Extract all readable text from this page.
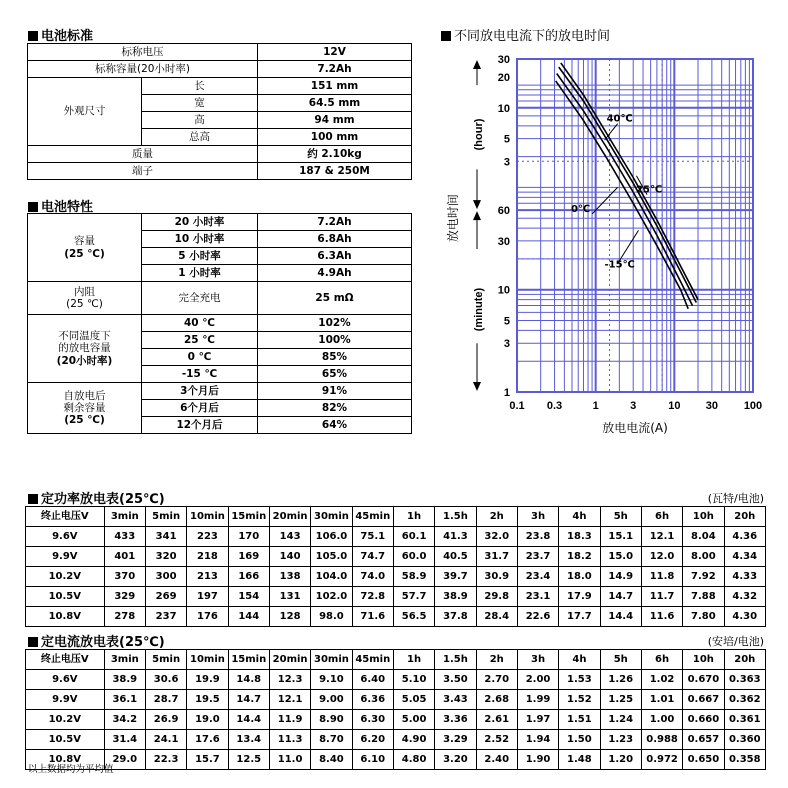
电池标准
标称电压		12V
标称容量(20小时率)		7.2Ah
外观尺寸	长	151 mm
	宽	64.5 mm
	高	94 mm
	总高	100 mm
质量		约 2.10kg
端子		187 & 250M
电池特性
容量
(25 ℃)	20 小时率	7.2Ah
	10 小时率	6.8Ah
	5 小时率	6.3Ah
	1 小时率	4.9Ah
内阻
(25 ℃)	完全充电	25 mΩ
不同温度下
的放电容量
(20小时率)	40 ℃	102%
	25 ℃	100%
	0 ℃	85%
	-15 ℃	65%
自放电后
剩余容量
(25 ℃)	3个月后	91%
	6个月后	82%
	12个月后	64%
不同放电电流下的放电时间
0.1 0.3	1	3	10 30 100
30
20
10
5
3
60
30
10
5
3
1
40℃
25℃
0℃
-15℃
放电电流(A)
放电时间
(hour)
(minute)
定功率放电表(25℃)	(瓦特/电池)
终止电压V	3min	5min	10min	15min	20min	30min	45min	1h	1.5h	2h	3h	4h	5h	6h	10h	20h
9.6V	433	341	223	170	143	106.0	75.1	60.1	41.3	32.0	23.8	18.3	15.1	12.1	8.04	4.36
9.9V	401	320	218	169	140	105.0	74.7	60.0	40.5	31.7	23.7	18.2	15.0	12.0	8.00	4.34
10.2V	370	300	213	166	138	104.0	74.0	58.9	39.7	30.9	23.4	18.0	14.9	11.8	7.92	4.33
10.5V	329	269	197	154	131	102.0	72.8	57.7	38.9	29.8	23.1	17.9	14.7	11.7	7.88	4.32
10.8V	278	237	176	144	128	98.0	71.6	56.5	37.8	28.4	22.6	17.7	14.4	11.6	7.80	4.30
定电流放电表(25℃)	(安培/电池)
终止电压V	3min	5min	10min	15min	20min	30min	45min	1h	1.5h	2h	3h	4h	5h	6h	10h	20h
9.6V	38.9	30.6	19.9	14.8	12.3	9.10	6.40	5.10	3.50	2.70	2.00	1.53	1.26	1.02	0.670	0.363
9.9V	36.1	28.7	19.5	14.7	12.1	9.00	6.36	5.05	3.43	2.68	1.99	1.52	1.25	1.01	0.667	0.362
10.2V	34.2	26.9	19.0	14.4	11.9	8.90	6.30	5.00	3.36	2.61	1.97	1.51	1.24	1.00	0.660	0.361
10.5V	31.4	24.1	17.6	13.4	11.3	8.70	6.20	4.90	3.29	2.52	1.94	1.50	1.23	0.988	0.657	0.360
10.8V	29.0	22.3	15.7	12.5	11.0	8.40	6.10	4.80	3.20	2.40	1.90	1.48	1.20	0.972	0.650	0.358
以上数据均为平均值
